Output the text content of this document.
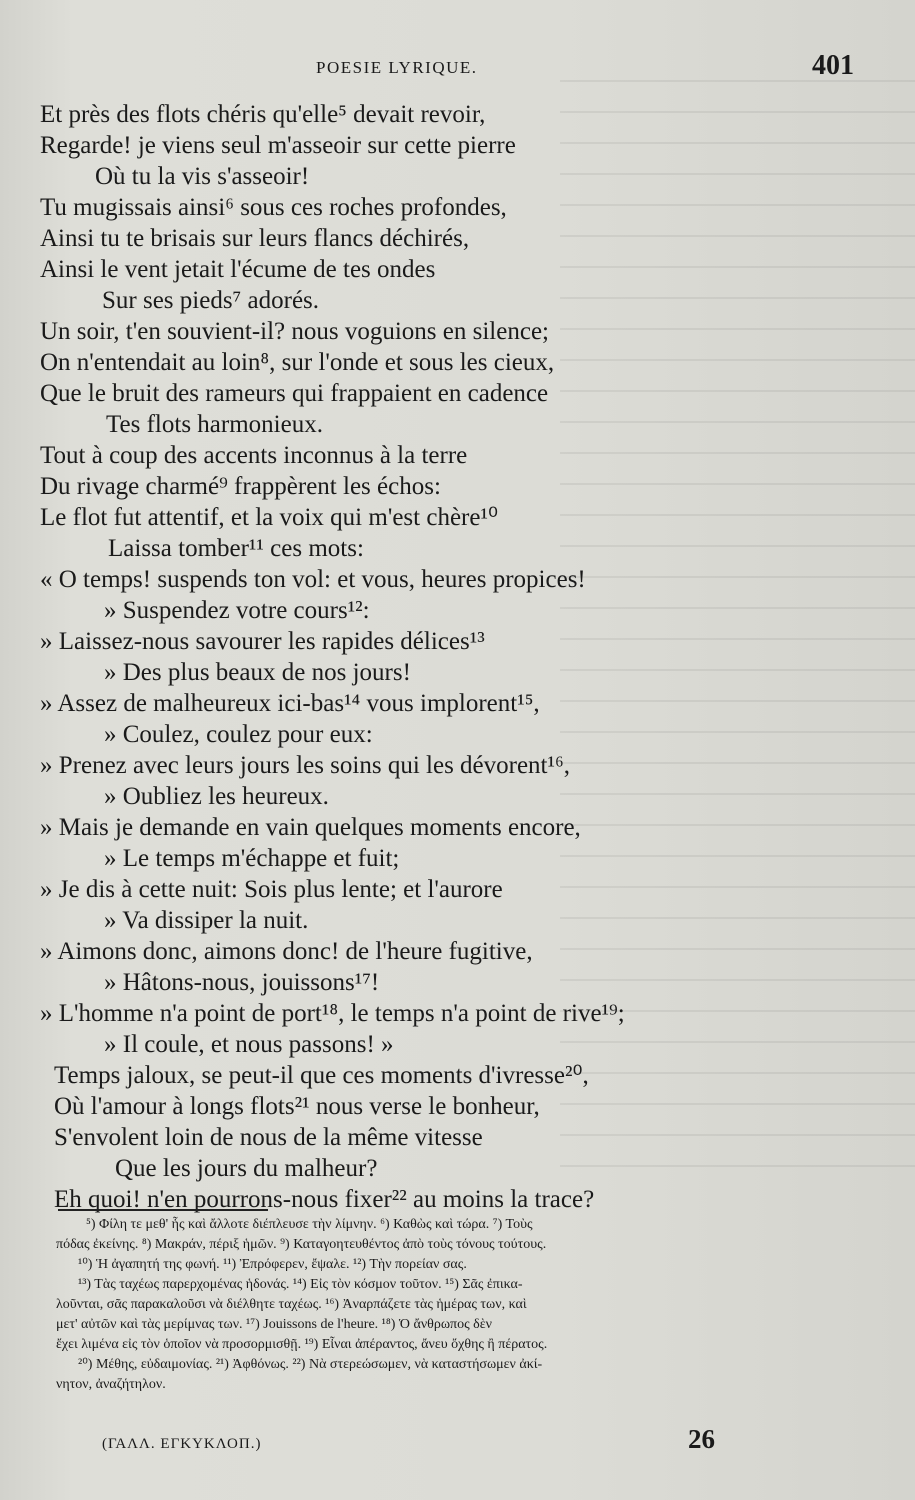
POESIE LYRIQUE.	401
Et près des flots chéris qu'elle⁵ devait revoir,
Regarde! je viens seul m'asseoir sur cette pierre
Où tu la vis s'asseoir!
Tu mugissais ainsi⁶ sous ces roches profondes,
Ainsi tu te brisais sur leurs flancs déchirés,
Ainsi le vent jetait l'écume de tes ondes
Sur ses pieds⁷ adorés.
Un soir, t'en souvient-il? nous voguions en silence;
On n'entendait au loin⁸, sur l'onde et sous les cieux,
Que le bruit des rameurs qui frappaient en cadence
Tes flots harmonieux.
Tout à coup des accents inconnus à la terre
Du rivage charmé⁹ frappèrent les échos:
Le flot fut attentif, et la voix qui m'est chère¹⁰
Laissa tomber¹¹ ces mots:
« O temps! suspends ton vol: et vous, heures propices!
» Suspendez votre cours¹²:
» Laissez-nous savourer les rapides délices¹³
» Des plus beaux de nos jours!
» Assez de malheureux ici-bas¹⁴ vous implorent¹⁵,
» Coulez, coulez pour eux:
» Prenez avec leurs jours les soins qui les dévorent¹⁶,
» Oubliez les heureux.
» Mais je demande en vain quelques moments encore,
» Le temps m'échappe et fuit;
» Je dis à cette nuit: Sois plus lente; et l'aurore
» Va dissiper la nuit.
» Aimons donc, aimons donc! de l'heure fugitive,
» Hâtons-nous, jouissons¹⁷!
» L'homme n'a point de port¹⁸, le temps n'a point de rive¹⁹;
» Il coule, et nous passons! »
Temps jaloux, se peut-il que ces moments d'ivresse²⁰,
Où l'amour à longs flots²¹ nous verse le bonheur,
S'envolent loin de nous de la même vitesse
Que les jours du malheur?
Eh quoi! n'en pourrons-nous fixer²² au moins la trace?
⁵) Φίλη τε μεθ' ἧς καὶ ἄλλοτε διέπλευσε τὴν λίμνην. ⁶) Καθὼς καὶ τώρα. ⁷) Τοὺς
πόδας ἐκείνης. ⁸) Μακράν, πέριξ ἡμῶν. ⁹) Καταγοητευθέντος ἀπὸ τοὺς τόνους τούτους.
¹⁰) Ἡ ἀγαπητή της φωνή. ¹¹) Ἐπρόφερεν, ἔψαλε. ¹²) Τὴν πορείαν σας.
¹³) Τὰς ταχέως παρερχομένας ἡδονάς. ¹⁴) Εἰς τὸν κόσμον τοῦτον. ¹⁵) Σᾶς ἐπικα-
λοῦνται, σᾶς παρακαλοῦσι νὰ διέλθητε ταχέως. ¹⁶) Ἀναρπάζετε τὰς ἡμέρας των, καὶ
μετ' αὐτῶν καὶ τὰς μερίμνας των. ¹⁷) Jouissons de l'heure. ¹⁸) Ὁ ἄνθρωπος δὲν
ἔχει λιμένα εἰς τὸν ὁποῖον νὰ προσορμισθῇ. ¹⁹) Εἶναι ἀπέραντος, ἄνευ ὄχθης ἢ πέρατος.
²⁰) Μέθης, εὐδαιμονίας. ²¹) Ἀφθόνως. ²²) Νὰ στερεώσωμεν, νὰ καταστήσωμεν ἀκί-
νητον, ἀναζήτηλον.
(ΓΑΛΛ. ΕΓΚΥΚΛΟΠ.)	26
